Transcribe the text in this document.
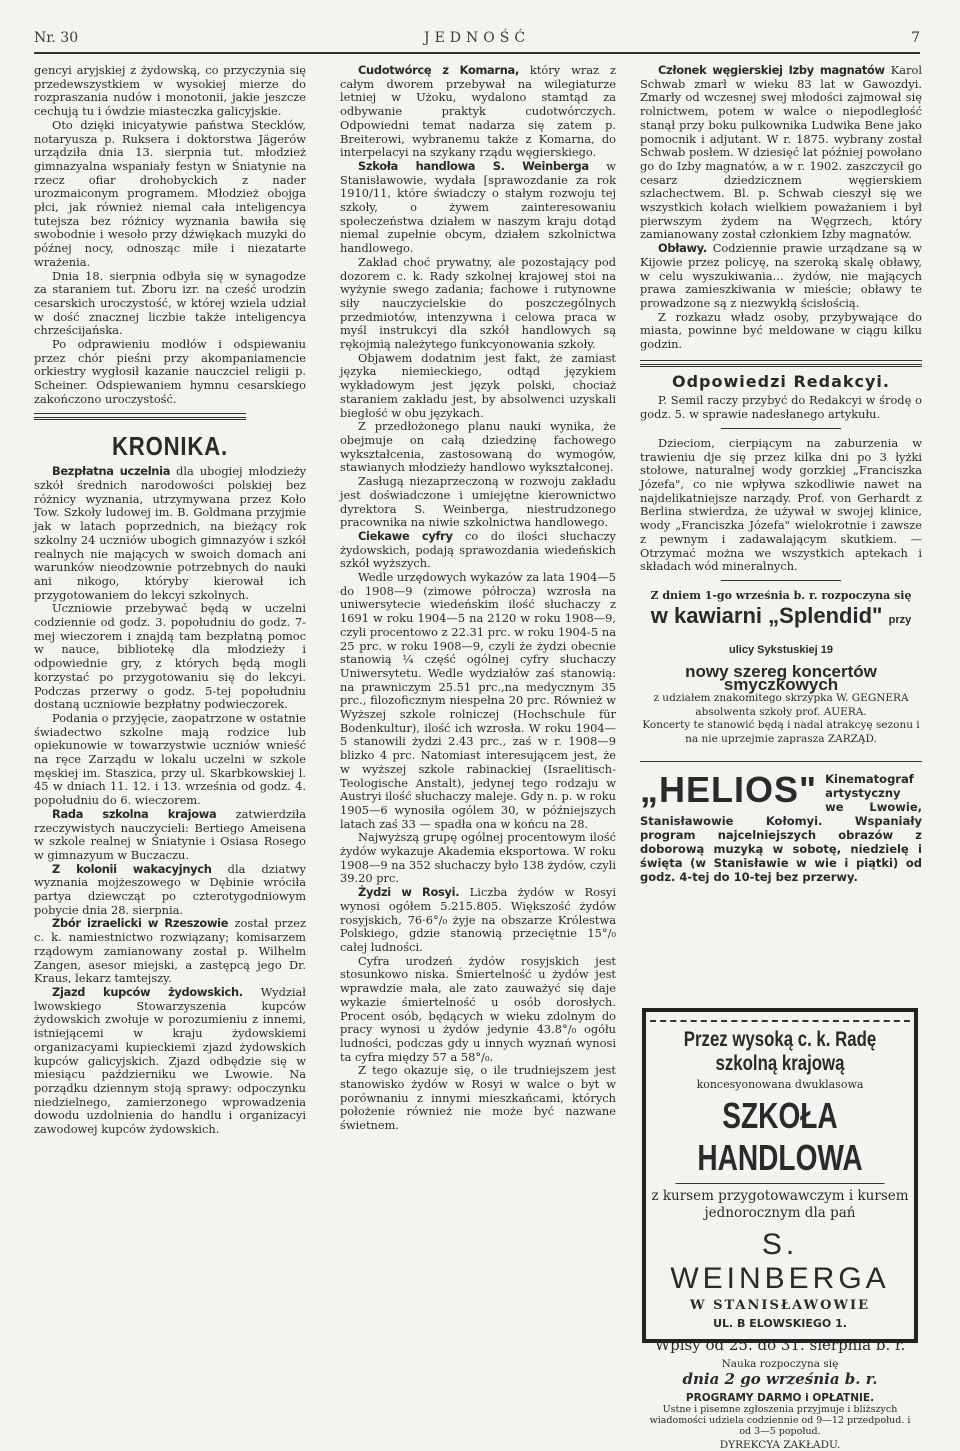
Nr. 30	JEDNOŚĆ	7

gencyi aryjskiej z żydowską, co przyczynia się przedewszystkiem w wysokiej mierze do rozpraszania nudów i monotonii, jakie jeszcze cechują tu i ówdzie miasteczka galicyjskie.

Oto dzięki inicyatywie państwa Stecklów, notaryusza p. Ruksera i doktorstwa Jägerów urządziła dnia 13. sierpnia tut. młodzież gimnazyalna wspaniały festyn w Śniatynie na rzecz ofiar drohobyckich z nader urozmaiconym programem. Młodzież obojga płci, jak również niemal cała inteligencya tutejsza bez różnicy wyznania bawiła się swobodnie i wesoło przy dźwiękach muzyki do późnej nocy, odnosząc miłe i niezatarte wrażenia.

Dnia 18. sierpnia odbyła się w synagodze za staraniem tut. Zboru izr. na cześć urodzin cesarskich uroczystość, w której wziela udział w dość znacznej liczbie także inteligencya chrześcijańska.

Po odprawieniu modłów i odspiewaniu przez chór pieśni przy akompaniamencie orkiestry wygłosił kazanie nauczciel religii p. Scheiner. Odspiewaniem hymnu cesarskiego zakończono uroczystość.

KRONIKA.

Bezpłatna uczelnia dla ubogiej młodzieży szkół średnich narodowości polskiej bez różnicy wyznania, utrzymywana przez Koło Tow. Szkoły ludowej im. B. Goldmana przyjmie jak w latach poprzednich, na bieżący rok szkolny 24 uczniów ubogich gimnazyów i szkół realnych nie mających w swoich domach ani warunków nieodzownie potrzebnych do nauki ani nikogo, któryby kierował ich przygotowaniem do lekcyi szkolnych.

Uczniowie przebywać będą w uczelni codziennie od godz. 3. popołudniu do godz. 7-mej wieczorem i znajdą tam bezpłatną pomoc w nauce, bibliotekę dla młodzieży i odpowiednie gry, z których będą mogli korzystać po przygotowaniu się do lekcyi. Podczas przerwy o godz. 5-tej popołudniu dostaną uczniowie bezpłatny podwieczorek.

Podania o przyjęcie, zaopatrzone w ostatnie świadectwo szkolne mają rodzice lub opiekunowie w towarzystwie uczniów wnieść na ręce Zarządu w lokalu uczelni w szkole męskiej im. Staszica, przy ul. Skarbkowskiej l. 45 w dniach 11. 12. i 13. września od godz. 4. popołudniu do 6. wieczorem.

Rada szkolna krajowa zatwierdziła rzeczywistych nauczycieli: Bertiego Ameisena w szkole realnej w Śniatynie i Osiasa Rosego w gimnazyum w Buczaczu.

Z kolonii wakacyjnych dla dziatwy wyznania mojżeszowego w Dębinie wróciła partya dziewcząt po czterotygodniowym pobycie dnia 28. sierpnia.

Zbór izraelicki w Rzeszowie został przez c. k. namiestnictwo rozwiązany; komisarzem rządowym zamianowany został p. Wilhelm Zangen, asesor miejski, a zastępcą jego Dr. Kraus, lekarz tamtejszy.

Zjazd kupców żydowskich. Wydział lwowskiego Stowarzyszenia kupców żydowskich zwołuje w porozumieniu z innemi, istniejącemi w kraju żydowskiemi organizacyami kupieckiemi zjazd żydowskich kupców galicyjskich. Zjazd odbędzie się w miesiącu październiku we Lwowie. Na porządku dziennym stoją sprawy: odpoczynku niedzielnego, zamierzonego wprowadzenia dowodu uzdolnienia do handlu i organizacyi zawodowej kupców żydowskich.

Cudotwórcę z Komarna, który wraz z całym dworem przebywał na wilegiaturze letniej w Użoku, wydalono stamtąd za odbywanie praktyk cudotwórczych. Odpowiedni temat nadarza się zatem p. Breiterowi, wybranemu także z Komarna, do interpelacyi na szykany rządu węgierskiego.

Szkoła handlowa S. Weinberga w Stanisławowie, wydała [sprawozdanie za rok 1910/11, które świadczy o stałym rozwoju tej szkoły, o żywem zainteresowaniu społeczeństwa działem w naszym kraju dotąd niemal zupełnie obcym, działem szkolnictwa handlowego.

Zakład choć prywatny, ale pozostający pod dozorem c. k. Rady szkolnej krajowej stoi na wyżynie swego zadania; fachowe i rutynowne siły nauczycielskie do poszczególnych przedmiotów, intenzywna i celowa praca w myśl instrukcyi dla szkół handlowych są rękojmią należytego funkcyonowania szkoły.

Objawem dodatnim jest fakt, że zamiast języka niemieckiego, odtąd językiem wykładowym jest język polski, chociaż staraniem zakładu jest, by absolwenci uzyskali biegłość w obu językach.

Z przedłożonego planu nauki wynika, że obejmuje on całą dziedzinę fachowego wykształcenia, zastosowaną do wymogów, stawianych młodzieży handlowo wykształconej.

Zasługą niezaprzeczoną w rozwoju zakładu jest doświadczone i umiejętne kierownictwo dyrektora S. Weinberga, niestrudzonego pracownika na niwie szkolnictwa handlowego.

Ciekawe cyfry co do ilości słuchaczy żydowskich, podają sprawozdania wiedeńskich szkół wyższych.

Wedle urzędowych wykazów za lata 1904—5 do 1908—9 (zimowe półrocza) wzrosła na uniwersytecie wiedeńskim ilość słuchaczy z 1691 w roku 1904—5 na 2120 w roku 1908—9, czyli procentowo z 22.31 prc. w roku 1904-5 na 25 prc. w roku 1908—9, czyli że żydzi obecnie stanowią ¼ część ogólnej cyfry słuchaczy Uniwersytetu. Wedle wydziałów zaś stanowią: na prawniczym 25.51 prc.,na medycznym 35 prc., filozoficznym niespełna 20 prc. Również w Wyższej szkole rolniczej (Hochschule für Bodenkultur), ilość ich wzrosła. W roku 1904—5 stanowili żydzi 2.43 prc., zaś w r. 1908—9 blizko 4 prc. Natomiast interesującem jest, że w wyższej szkole rabinackiej (Israelitisch-Teologische Anstalt), jedynej tego rodzaju w Austryi ilość słuchaczy maleje. Gdy n. p. w roku 1905—6 wynosiła ogólem 30, w późniejszych latach zaś 33 — spadła ona w końcu na 28.

Najwyższą grupę ogólnej procentowym ilość żydów wykazuje Akademia eksportowa. W roku 1908—9 na 352 słuchaczy było 138 żydów, czyli 39.20 prc.

Żydzi w Rosyi. Liczba żydów w Rosyi wynosi ogółem 5.215.805. Większość żydów rosyjskich, 76·6°/₀ żyje na obszarze Królestwa Polskiego, gdzie stanowią przeciętnie 15°/₀ całej ludności.

Cyfra urodzeń żydów rosyjskich jest stosunkowo niska. Śmiertelność u żydów jest wprawdzie mała, ale zato zauważyć się daje wykazie śmiertelność u osób dorosłych. Procent osób, będących w wieku zdolnym do pracy wynosi u żydów jedynie 43.8°/₀ ogółu ludności, podczas gdy u innych wyznań wynosi ta cyfra między 57 a 58°/₀.

Z tego okazuje się, o ile trudniejszem jest stanowisko żydów w Rosyi w walce o byt w porównaniu z innymi mieszkańcami, których położenie również nie może być nazwane świetnem.

Członek węgierskiej Izby magnatów Karol Schwab zmarł w wieku 83 lat w Gawozdyi. Zmarły od wczesnej swej młodości zajmował się rolnictwem, potem w walce o niepodległość stanął przy boku pulkownika Ludwika Bene jako pomocnik i adjutant. W r. 1875. wybrany został Schwab posłem. W dziesięć lat później powołano go do Izby magnatów, a w r. 1902. zaszczycił go cesarz dziedzicznem węgierskiem szlachectwem. Bl. p. Schwab cieszył się we wszystkich kołach wielkiem poważaniem i był pierwszym żydem na Węgrzech, który zamianowany został członkiem Izby magnatów.

Obławy. Codziennie prawie urządzane są w Kijowie przez policyę, na szeroką skalę obławy, w celu wyszukiwania... żydów, nie mających prawa zamieszkiwania w mieście; obławy te prowadzone są z niezwykłą ścisłością.

Z rozkazu władz osoby, przybywające do miasta, powinne być meldowane w ciągu kilku godzin.

Odpowiedzi Redakcyi.

P. Semil raczy przybyć do Redakcyi w środę o godz. 5. w sprawie nadesłanego artykułu.

Dzieciom, cierpiącym na zaburzenia w trawieniu dje się przez kilka dni po 3 łyżki stołowe, naturalnej wody gorzkiej „Franciszka Józefa", co nie wpływa szkodliwie nawet na najdelikatniejsze narządy. Prof. von Gerhardt z Berlina stwierdza, że używał w swojej klinice, wody „Franciszka Józefa" wielokrotnie i zawsze z pewnym i zadawalającym skutkiem. — Otrzymać można we wszystkich aptekach i składach wód mineralnych.

Z dniem 1-go września b. r. rozpoczyna się
w kawiarni „Splendid" przy ulicy Sykstuskiej 19
nowy szereg koncertów smyczkowych
z udziałem znakomitego skrzypka W. GEGNERA absolwenta szkoły prof. AUERA.
Koncerty te stanowić będą i nadal atrakcyę sezonu i na nie uprzejmie zaprasza ZARZĄD.
„HELIOS" Kinematograf artystyczny we Lwowie, Stanisławowie Kołomyi. Wspaniały program najcelniejszych obrazów z doborową muzyką w sobotę, niedzielę i święta (w Stanisławie w wie i piątki) od godz. 4-tej do 10-tej bez przerwy.
Przez wysoką c. k. Radę szkolną krajową
koncesyonowana dwuklasowa
SZKOŁA HANDLOWA
z kursem przygotowawczym i kursem jednorocznym dla pań
S. WEINBERGA
W STANISŁAWOWIE
UL. B ELOWSKIEGO 1.
Wpisy od 25. do 31. sierpnia b. r.
Nauka rozpoczyna się
dnia 2 go września b. r.
PROGRAMY DARMO i OPŁATNIE.
Ustne i pisemne zgłoszenia przyjmuje i bliższych wiadomości udziela codziennie od 9—12 przedpołud. i od 3—5 popołud.
DYREKCYA ZAKŁADU.
